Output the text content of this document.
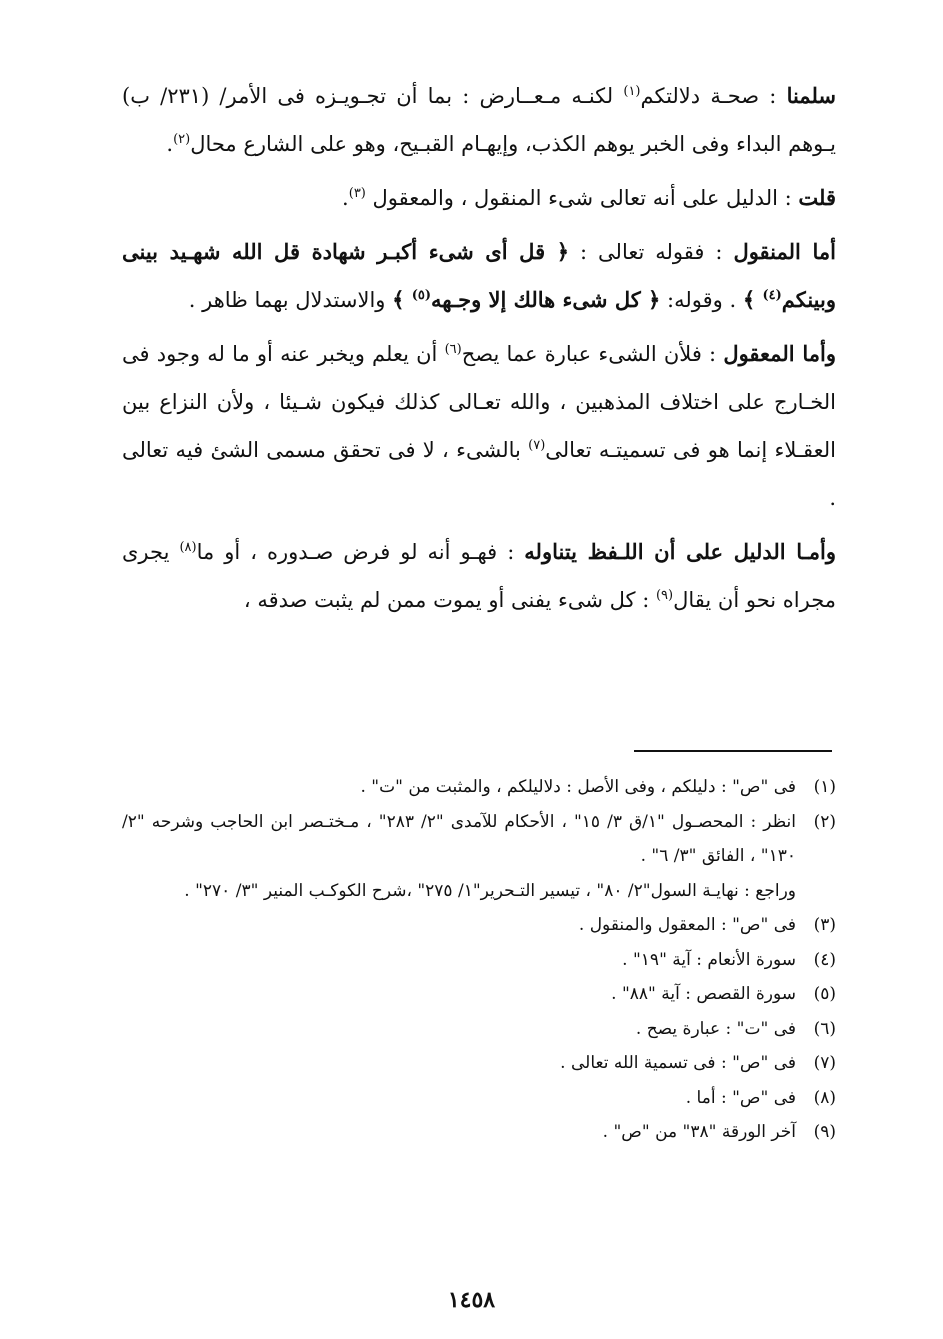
سلمنا : صحـة دلالتكم$^{(١)}$ لكنـه مـعــارض : بما أن تجـويـزه فى الأمر/ (٢٣١/ ب) يـوهم البداء وفى الخبر يوهم الكذب، وإيهـام القبـيح، وهو على الشارع محال$^{(٢)}$.

قلت : الدليل على أنه تعالى شىء المنقول ، والمعقول $^{(٣)}$.

أما المنقول : فقوله تعالى : ﴿ قل أى شىء أكبـر شهادة قل الله شهـيد بينى وبينكم$^{(٤)}$ ﴾ . وقوله: ﴿ كل شىء هالك إلا وجـهه$^{(٥)}$ ﴾ والاستدلال بهما ظاهر .

وأما المعقول : فلأن الشىء عبارة عما يصح$^{(٦)}$ أن يعلم ويخبر عنه أو ما له وجود فى الخـارج على اختلاف المذهبين ، والله تعـالى كذلك فيكون شـيئا ، ولأن النزاع بين العقـلاء إنما هو فى تسميتـه تعالى$^{(٧)}$ بالشىء ، لا فى تحقق مسمى الشئ فيه تعالى .

وأمـا الدليل على أن اللـفظ يتناوله : فهـو أنه لو فرض صـدوره ، أو ما$^{(٨)}$ يجرى مجراه نحو أن يقال$^{(٩)}$ : كل شىء يفنى أو يموت ممن لم يثبت صدقه ،

(١)
فى "ص" : دليلكم ، وفى الأصل : دلاليلكم ، والمثبت من "ت" .
(٢)
انظر : المحصـول "١/ق ٣/ ١٥" ، الأحكام للآمدى "٢/ ٢٨٣" ، مـختـصر ابن الحاجب وشرحه "٢/ ١٣٠" ، الفائق "٣/ ٦" .
وراجع : نهايـة السول"٢/ ٨٠" ، تيسير التـحرير"١/ ٢٧٥" ،شرح الكوكـب المنير "٣/ ٢٧٠" .
(٣)
فى "ص" : المعقول والمنقول .
(٤)
سورة الأنعام : آية "١٩" .
(٥)
سورة القصص : آية "٨٨" .
(٦)
فى "ت" : عبارة يصح .
(٧)
فى "ص" : فى تسمية الله تعالى .
(٨)
فى "ص" : أما .
(٩)
آخر الورقة "٣٨" من "ص" .
١٤٥٨
